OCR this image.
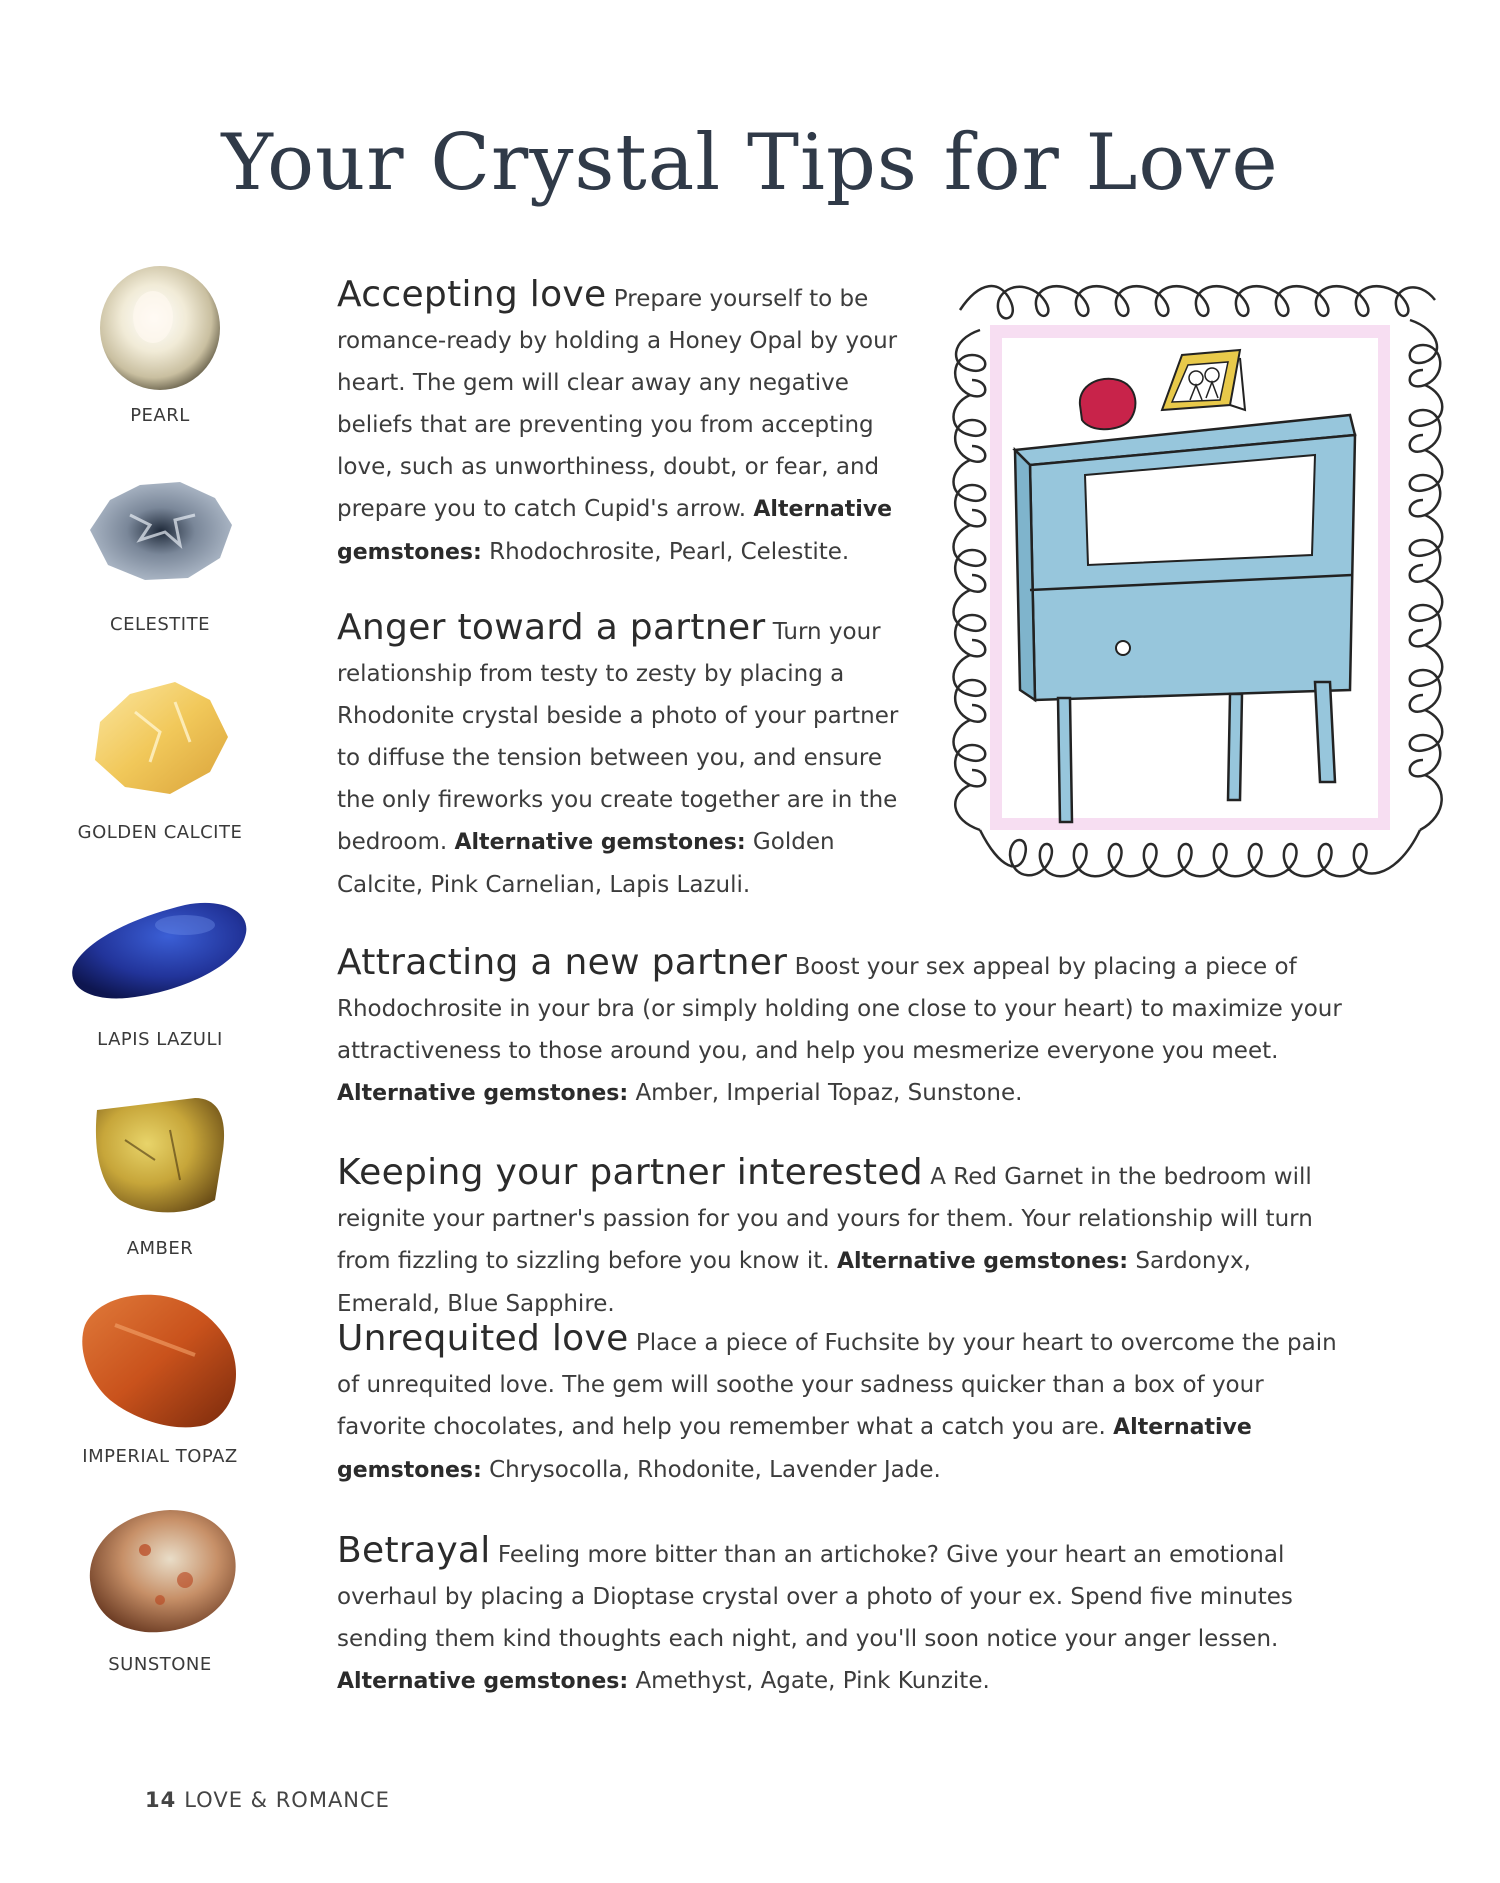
Your Crystal Tips for Love
PEARL
CELESTITE
GOLDEN CALCITE
LAPIS LAZULI
AMBER
IMPERIAL TOPAZ
SUNSTONE
Accepting love Prepare yourself to be romance-ready by holding a Honey Opal by your heart. The gem will clear away any negative beliefs that are preventing you from accepting love, such as unworthiness, doubt, or fear, and prepare you to catch Cupid's arrow. Alternative gemstones: Rhodochrosite, Pearl, Celestite.
Anger toward a partner Turn your relationship from testy to zesty by placing a Rhodonite crystal beside a photo of your partner to diffuse the tension between you, and ensure the only fireworks you create together are in the bedroom. Alternative gemstones: Golden Calcite, Pink Carnelian, Lapis Lazuli.
Attracting a new partner Boost your sex appeal by placing a piece of Rhodochrosite in your bra (or simply holding one close to your heart) to maximize your attractiveness to those around you, and help you mesmerize everyone you meet. Alternative gemstones: Amber, Imperial Topaz, Sunstone.
Keeping your partner interested A Red Garnet in the bedroom will reignite your partner's passion for you and yours for them. Your relationship will turn from fizzling to sizzling before you know it. Alternative gemstones: Sardonyx, Emerald, Blue Sapphire.
Unrequited love Place a piece of Fuchsite by your heart to overcome the pain of unrequited love. The gem will soothe your sadness quicker than a box of your favorite chocolates, and help you remember what a catch you are. Alternative gemstones: Chrysocolla, Rhodonite, Lavender Jade.
Betrayal Feeling more bitter than an artichoke? Give your heart an emotional overhaul by placing a Dioptase crystal over a photo of your ex. Spend five minutes sending them kind thoughts each night, and you'll soon notice your anger lessen. Alternative gemstones: Amethyst, Agate, Pink Kunzite.
14 LOVE & ROMANCE
